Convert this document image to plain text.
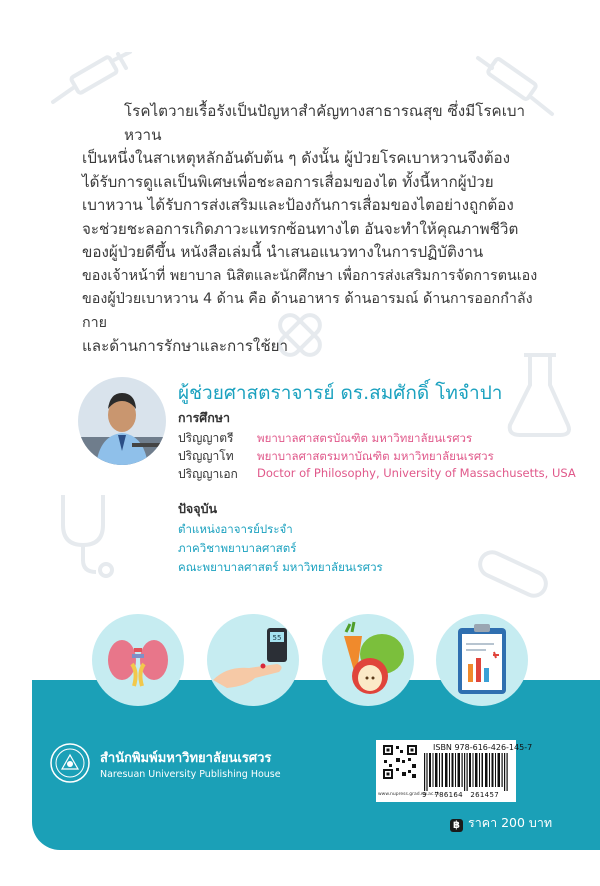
โรคไตวายเรื้อรังเป็นปัญหาสำคัญทางสาธารณสุข ซึ่งมีโรคเบาหวาน

เป็นหนึ่งในสาเหตุหลักอันดับต้น ๆ ดังนั้น ผู้ป่วยโรคเบาหวานจึงต้อง

ได้รับการดูแลเป็นพิเศษเพื่อชะลอการเสื่อมของไต ทั้งนี้หากผู้ป่วย

เบาหวาน ได้รับการส่งเสริมและป้องกันการเสื่อมของไตอย่างถูกต้อง

จะช่วยชะลอการเกิดภาวะแทรกซ้อนทางไต อันจะทำให้คุณภาพชีวิต

ของผู้ป่วยดีขึ้น หนังสือเล่มนี้ นำเสนอแนวทางในการปฏิบัติงาน

ของเจ้าหน้าที่ พยาบาล นิสิตและนักศึกษา เพื่อการส่งเสริมการจัดการตนเอง

ของผู้ป่วยเบาหวาน 4 ด้าน คือ ด้านอาหาร ด้านอารมณ์ ด้านการออกกำลังกาย

และด้านการรักษาและการใช้ยา

ผู้ช่วยศาสตราจารย์ ดร.สมศักดิ์ โทจำปา
การศึกษา
ปริญญาตรี พยาบาลศาสตรบัณฑิต มหาวิทยาลัยนเรศวร
ปริญญาโท พยาบาลศาสตรมหาบัณฑิต มหาวิทยาลัยนเรศวร
ปริญญาเอก Doctor of Philosophy, University of Massachusetts, USA
ปัจจุบัน
ตำแหน่งอาจารย์ประจำ
ภาควิชาพยาบาลศาสตร์
คณะพยาบาลศาสตร์ มหาวิทยาลัยนเรศวร
55
สำนักพิมพ์มหาวิทยาลัยนเรศวร
Naresuan University Publishing House
www.nupress.grad.nu.ac.th
ISBN 978-616-426-145-7
9   786164   261457
฿ ราคา 200 บาท
